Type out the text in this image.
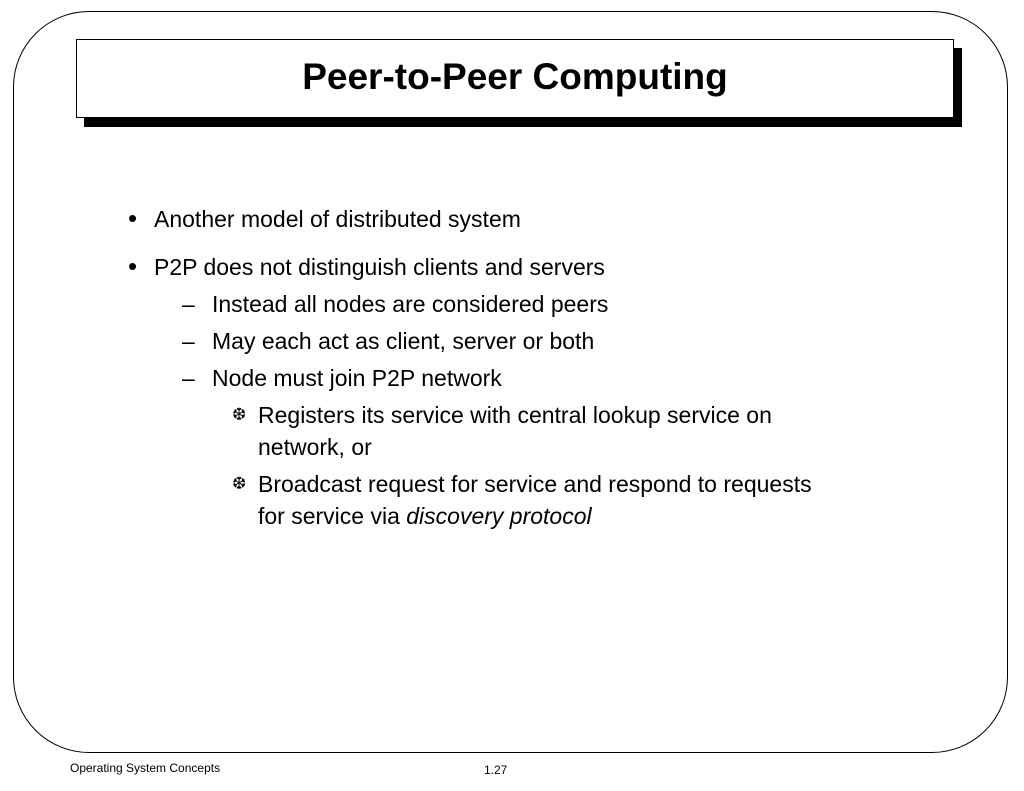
Peer-to-Peer Computing
• Another model of distributed system
• P2P does not distinguish clients and servers
– Instead all nodes are considered peers
– May each act as client, server or both
– Node must join P2P network
❆ Registers its service with central lookup service on
network, or
❆ Broadcast request for service and respond to requests
for service via discovery protocol
Operating System Concepts	1.27
